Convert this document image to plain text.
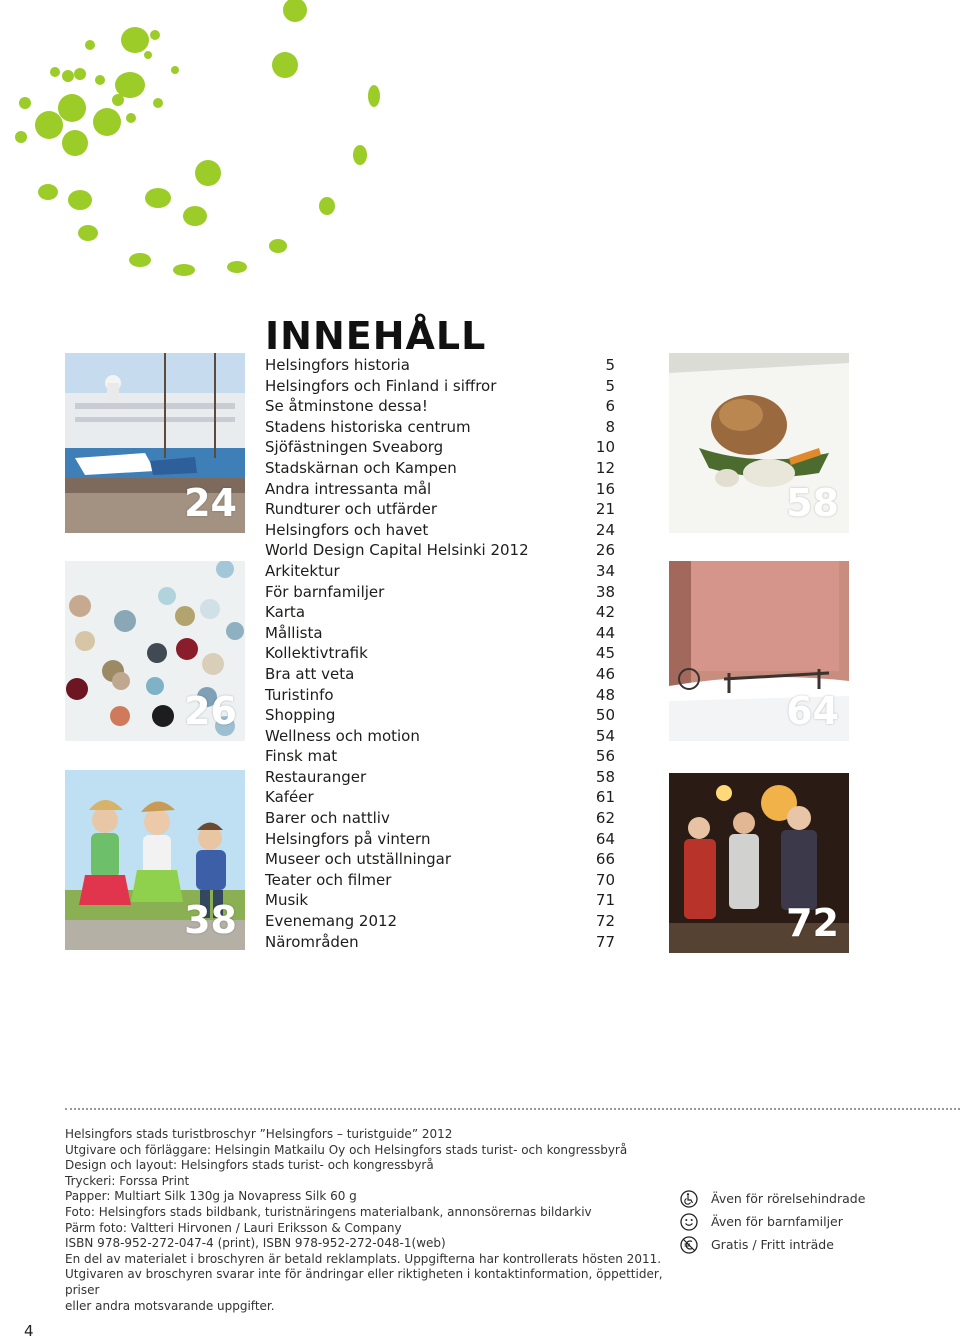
INNEHÅLL
Helsingfors historia	5
Helsingfors och Finland i siffror	5
Se åtminstone dessa!	6
Stadens historiska centrum	8
Sjöfästningen Sveaborg	10
Stadskärnan och Kampen	12
Andra intressanta mål	16
Rundturer och utfärder	21
Helsingfors och havet	24
World Design Capital Helsinki 2012	26
Arkitektur	34
För barnfamiljer	38
Karta	42
Mållista	44
Kollektivtrafik	45
Bra att veta	46
Turistinfo	48
Shopping	50
Wellness och motion	54
Finsk mat	56
Restauranger	58
Kaféer	61
Barer och nattliv	62
Helsingfors på vintern	64
Museer och utställningar	66
Teater och filmer	70
Musik	71
Evenemang 2012	72
Närområden	77
24
26
38
58
64
72
Helsingfors stads turistbroschyr ”Helsingfors – turistguide” 2012
Utgivare och förläggare: Helsingin Matkailu Oy och Helsingfors stads turist- och kongressbyrå
Design och layout: Helsingfors stads turist- och kongressbyrå
Tryckeri: Forssa Print
Papper: Multiart Silk 130g ja Novapress Silk 60 g
Foto: Helsingfors stads bildbank, turistnäringens materialbank, annonsörernas bildarkiv
Pärm foto: Valtteri Hirvonen / Lauri Eriksson & Company
ISBN 978-952-272-047-4 (print), ISBN 978-952-272-048-1(web)
En del av materialet i broschyren är betald reklamplats. Uppgifterna har kontrollerats hösten 2011.
Utgivaren av broschyren svarar inte för ändringar eller riktigheten i kontaktinformation, öppettider, priser
eller andra motsvarande uppgifter.
Även för rörelsehindrade
Även för barnfamiljer
Gratis / Fritt inträde
4
